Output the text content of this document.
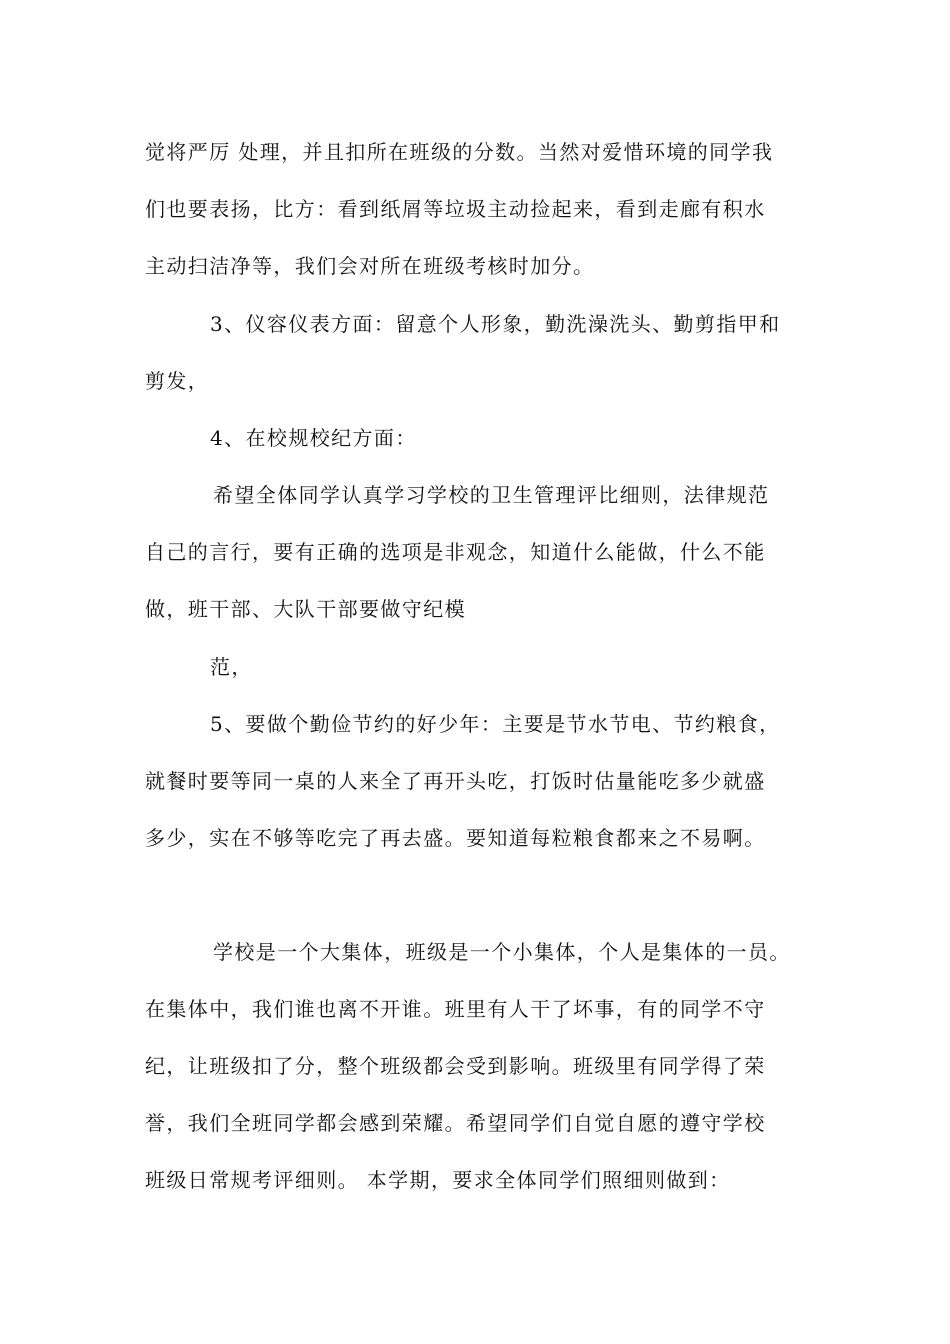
觉将严厉 处理，并且扣所在班级的分数。当然对爱惜环境的同学我
们也要表扬，比方：看到纸屑等垃圾主动捡起来，看到走廊有积水
主动扫洁净等，我们会对所在班级考核时加分。
3、仪容仪表方面：留意个人形象，勤洗澡洗头、勤剪指甲和
剪发，
4、在校规校纪方面：
希望全体同学认真学习学校的卫生管理评比细则，法律规范
自己的言行，要有正确的选项是非观念，知道什么能做，什么不能
做，班干部、大队干部要做守纪模
范，
5、要做个勤俭节约的好少年：主要是节水节电、节约粮食，
就餐时要等同一桌的人来全了再开头吃，打饭时估量能吃多少就盛
多少，实在不够等吃完了再去盛。要知道每粒粮食都来之不易啊。
学校是一个大集体，班级是一个小集体，个人是集体的一员。
在集体中，我们谁也离不开谁。班里有人干了坏事，有的同学不守
纪，让班级扣了分，整个班级都会受到影响。班级里有同学得了荣
誉，我们全班同学都会感到荣耀。希望同学们自觉自愿的遵守学校
班级日常规考评细则。 本学期，要求全体同学们照细则做到：
